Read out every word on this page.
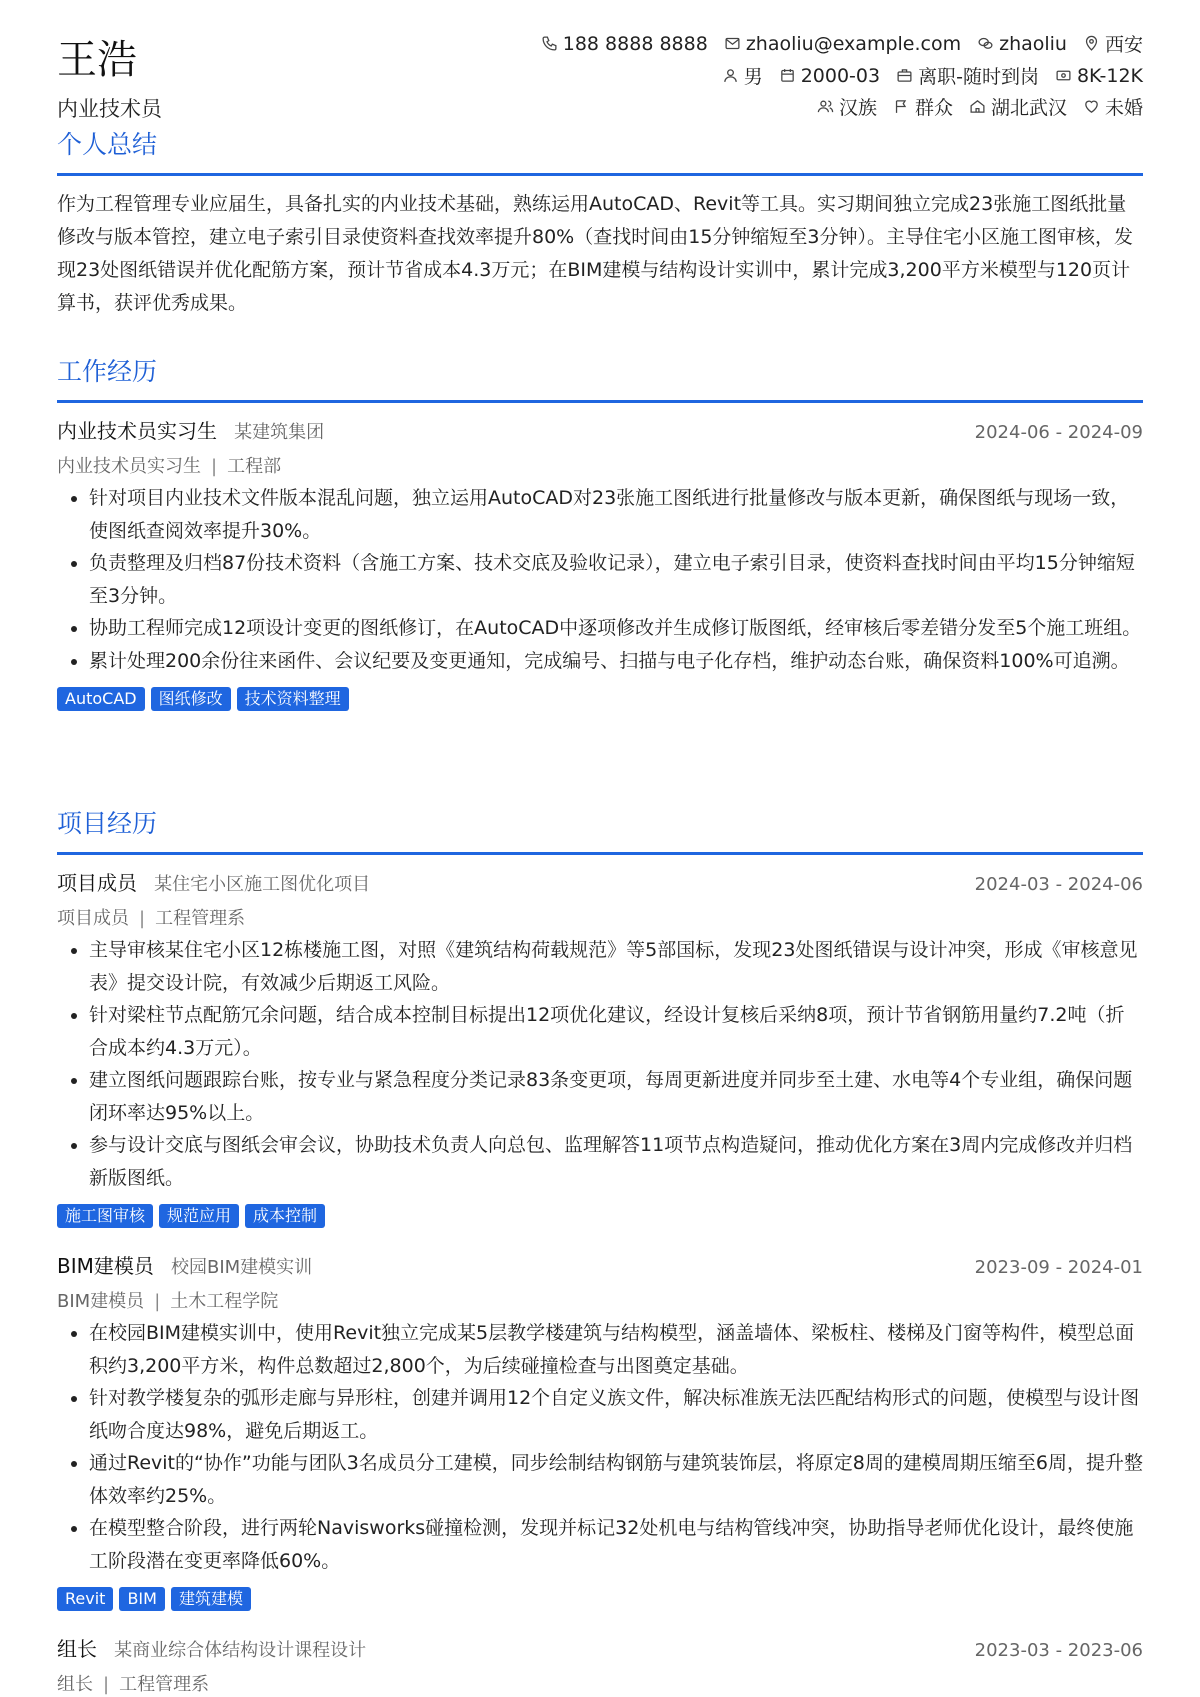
王浩
内业技术员
188 8888 8888 zhaoliu@example.com zhaoliu 西安
男 2000-03 离职-随时到岗 8K-12K
汉族 群众 湖北武汉 未婚
个人总结
作为工程管理专业应届生，具备扎实的内业技术基础，熟练运用AutoCAD、Revit等工具。实习期间独立完成23张施工图纸批量修改与版本管控，建立电子索引目录使资料查找效率提升80%（查找时间由15分钟缩短至3分钟）。主导住宅小区施工图审核，发现23处图纸错误并优化配筋方案，预计节省成本4.3万元；在BIM建模与结构设计实训中，累计完成3,200平方米模型与120页计算书，获评优秀成果。
工作经历
内业技术员实习生 某建筑集团	2024-06 - 2024-09
内业技术员实习生 | 工程部
• 针对项目内业技术文件版本混乱问题，独立运用AutoCAD对23张施工图纸进行批量修改与版本更新，确保图纸与现场一致，使图纸查阅效率提升30%。
• 负责整理及归档87份技术资料（含施工方案、技术交底及验收记录），建立电子索引目录，使资料查找时间由平均15分钟缩短至3分钟。
• 协助工程师完成12项设计变更的图纸修订，在AutoCAD中逐项修改并生成修订版图纸，经审核后零差错分发至5个施工班组。
• 累计处理200余份往来函件、会议纪要及变更通知，完成编号、扫描与电子化存档，维护动态台账，确保资料100%可追溯。
AutoCAD	图纸修改	技术资料整理
项目经历
项目成员 某住宅小区施工图优化项目	2024-03 - 2024-06
项目成员 | 工程管理系
• 主导审核某住宅小区12栋楼施工图，对照《建筑结构荷载规范》等5部国标，发现23处图纸错误与设计冲突，形成《审核意见表》提交设计院，有效减少后期返工风险。
• 针对梁柱节点配筋冗余问题，结合成本控制目标提出12项优化建议，经设计复核后采纳8项，预计节省钢筋用量约7.2吨（折合成本约4.3万元）。
• 建立图纸问题跟踪台账，按专业与紧急程度分类记录83条变更项，每周更新进度并同步至土建、水电等4个专业组，确保问题闭环率达95%以上。
• 参与设计交底与图纸会审会议，协助技术负责人向总包、监理解答11项节点构造疑问，推动优化方案在3周内完成修改并归档新版图纸。
施工图审核	规范应用	成本控制
BIM建模员 校园BIM建模实训	2023-09 - 2024-01
BIM建模员 | 土木工程学院
• 在校园BIM建模实训中，使用Revit独立完成某5层教学楼建筑与结构模型，涵盖墙体、梁板柱、楼梯及门窗等构件，模型总面积约3,200平方米，构件总数超过2,800个，为后续碰撞检查与出图奠定基础。
• 针对教学楼复杂的弧形走廊与异形柱，创建并调用12个自定义族文件，解决标准族无法匹配结构形式的问题，使模型与设计图纸吻合度达98%，避免后期返工。
• 通过Revit的“协作”功能与团队3名成员分工建模，同步绘制结构钢筋与建筑装饰层，将原定8周的建模周期压缩至6周，提升整体效率约25%。
• 在模型整合阶段，进行两轮Navisworks碰撞检测，发现并标记32处机电与结构管线冲突，协助指导老师优化设计，最终使施工阶段潜在变更率降低60%。
Revit	BIM	建筑建模
组长 某商业综合体结构设计课程设计	2023-03 - 2023-06
组长 | 工程管理系
